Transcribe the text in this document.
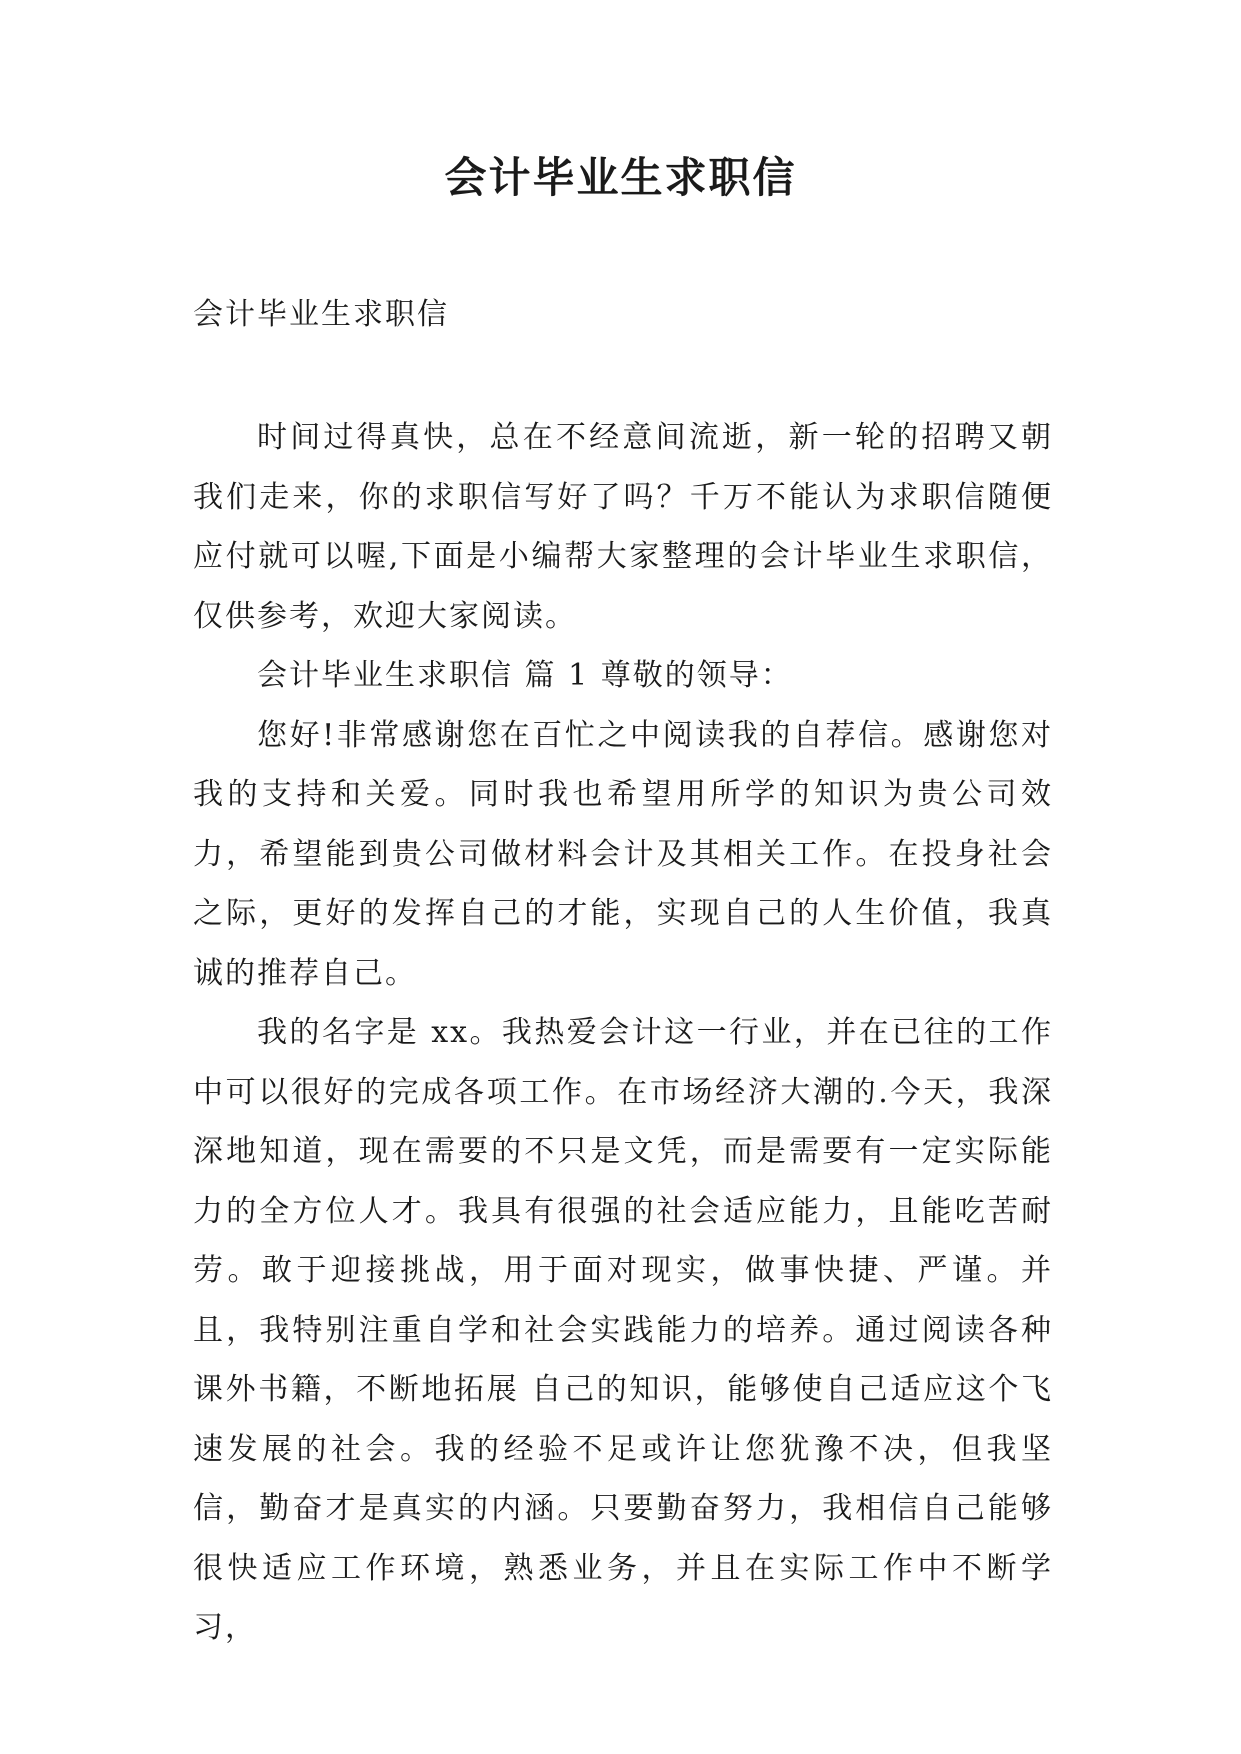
会计毕业生求职信

会计毕业生求职信

时间过得真快，总在不经意间流逝，新一轮的招聘又朝我们走来，你的求职信写好了吗？千万不能认为求职信随便应付就可以喔,下面是小编帮大家整理的会计毕业生求职信，仅供参考，欢迎大家阅读。

会计毕业生求职信 篇 1 尊敬的领导：

您好!非常感谢您在百忙之中阅读我的自荐信。感谢您对我的支持和关爱。同时我也希望用所学的知识为贵公司效力，希望能到贵公司做材料会计及其相关工作。在投身社会之际，更好的发挥自己的才能，实现自己的人生价值，我真诚的推荐自己。

我的名字是 xx。我热爱会计这一行业，并在已往的工作中可以很好的完成各项工作。在市场经济大潮的.今天，我深深地知道，现在需要的不只是文凭，而是需要有一定实际能力的全方位人才。我具有很强的社会适应能力，且能吃苦耐劳。敢于迎接挑战，用于面对现实，做事快捷、严谨。并且，我特别注重自学和社会实践能力的培养。通过阅读各种课外书籍，不断地拓展 自己的知识，能够使自己适应这个飞速发展的社会。我的经验不足或许让您犹豫不决，但我坚信，勤奋才是真实的内涵。只要勤奋努力，我相信自己能够很快适应工作环境，熟悉业务，并且在实际工作中不断学习，
